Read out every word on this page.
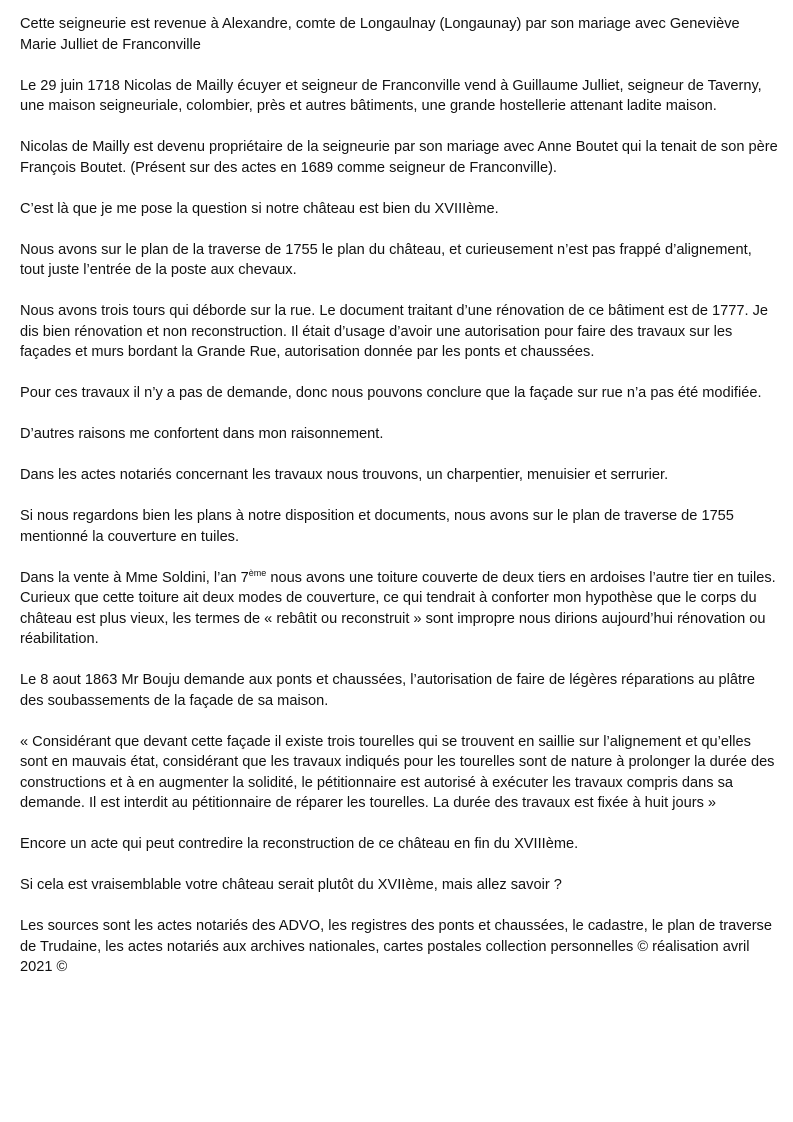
Cette seigneurie est revenue à Alexandre, comte de Longaulnay (Longaunay) par son mariage avec Geneviève Marie Julliet de Franconville

Le 29 juin 1718 Nicolas de Mailly écuyer et seigneur de Franconville vend à Guillaume Julliet, seigneur de Taverny, une maison seigneuriale, colombier, près et autres bâtiments, une grande hostellerie attenant ladite maison.

Nicolas de Mailly est devenu propriétaire de la seigneurie par son mariage avec Anne Boutet qui la tenait de son père François Boutet. (Présent sur des actes en 1689 comme seigneur de Franconville).

C’est là que je me pose la question si notre château est bien du XVIIIème.

Nous avons sur le plan de la traverse de 1755 le plan du château, et curieusement n’est pas frappé d’alignement, tout juste l’entrée de la poste aux chevaux.

Nous avons trois tours qui déborde sur la rue. Le document traitant d’une rénovation de ce bâtiment est de 1777. Je dis bien rénovation et non reconstruction. Il était d’usage d’avoir une autorisation pour faire des travaux sur les façades et murs bordant la Grande Rue, autorisation donnée par les ponts et chaussées.

Pour ces travaux il n’y a pas de demande, donc nous pouvons conclure que la façade sur rue n’a pas été modifiée.

D’autres raisons me confortent dans mon raisonnement.

Dans les actes notariés concernant les travaux nous trouvons, un charpentier, menuisier et serrurier.

Si nous regardons bien les plans à notre disposition et documents, nous avons sur le plan de traverse de 1755 mentionné la couverture en tuiles.

Dans la vente à Mme Soldini, l’an 7ème nous avons une toiture couverte de deux tiers en ardoises l’autre tier en tuiles. Curieux que cette toiture ait deux modes de couverture, ce qui tendrait à conforter mon hypothèse que le corps du château est plus vieux, les termes de « rebâtit ou reconstruit » sont impropre nous dirions aujourd’hui rénovation ou réabilitation.

Le 8 aout 1863 Mr Bouju demande aux ponts et chaussées, l’autorisation de faire de légères réparations au plâtre des soubassements de la façade de sa maison.

« Considérant que devant cette façade il existe trois tourelles qui se trouvent en saillie sur l’alignement et qu’elles sont en mauvais état, considérant que les travaux indiqués pour les tourelles sont de nature à prolonger la durée des constructions et à en augmenter la solidité, le pétitionnaire est autorisé à exécuter les travaux compris dans sa demande. Il est interdit au pétitionnaire de réparer les tourelles. La durée des travaux est fixée à huit jours »

Encore un acte qui peut contredire la reconstruction de ce château en fin du XVIIIème.

Si cela est vraisemblable votre château serait plutôt du XVIIème, mais allez savoir ?

Les sources sont les actes notariés des ADVO, les registres des ponts et chaussées, le cadastre, le plan de traverse de Trudaine, les actes notariés aux archives nationales, cartes postales collection personnelles © réalisation avril 2021 ©
